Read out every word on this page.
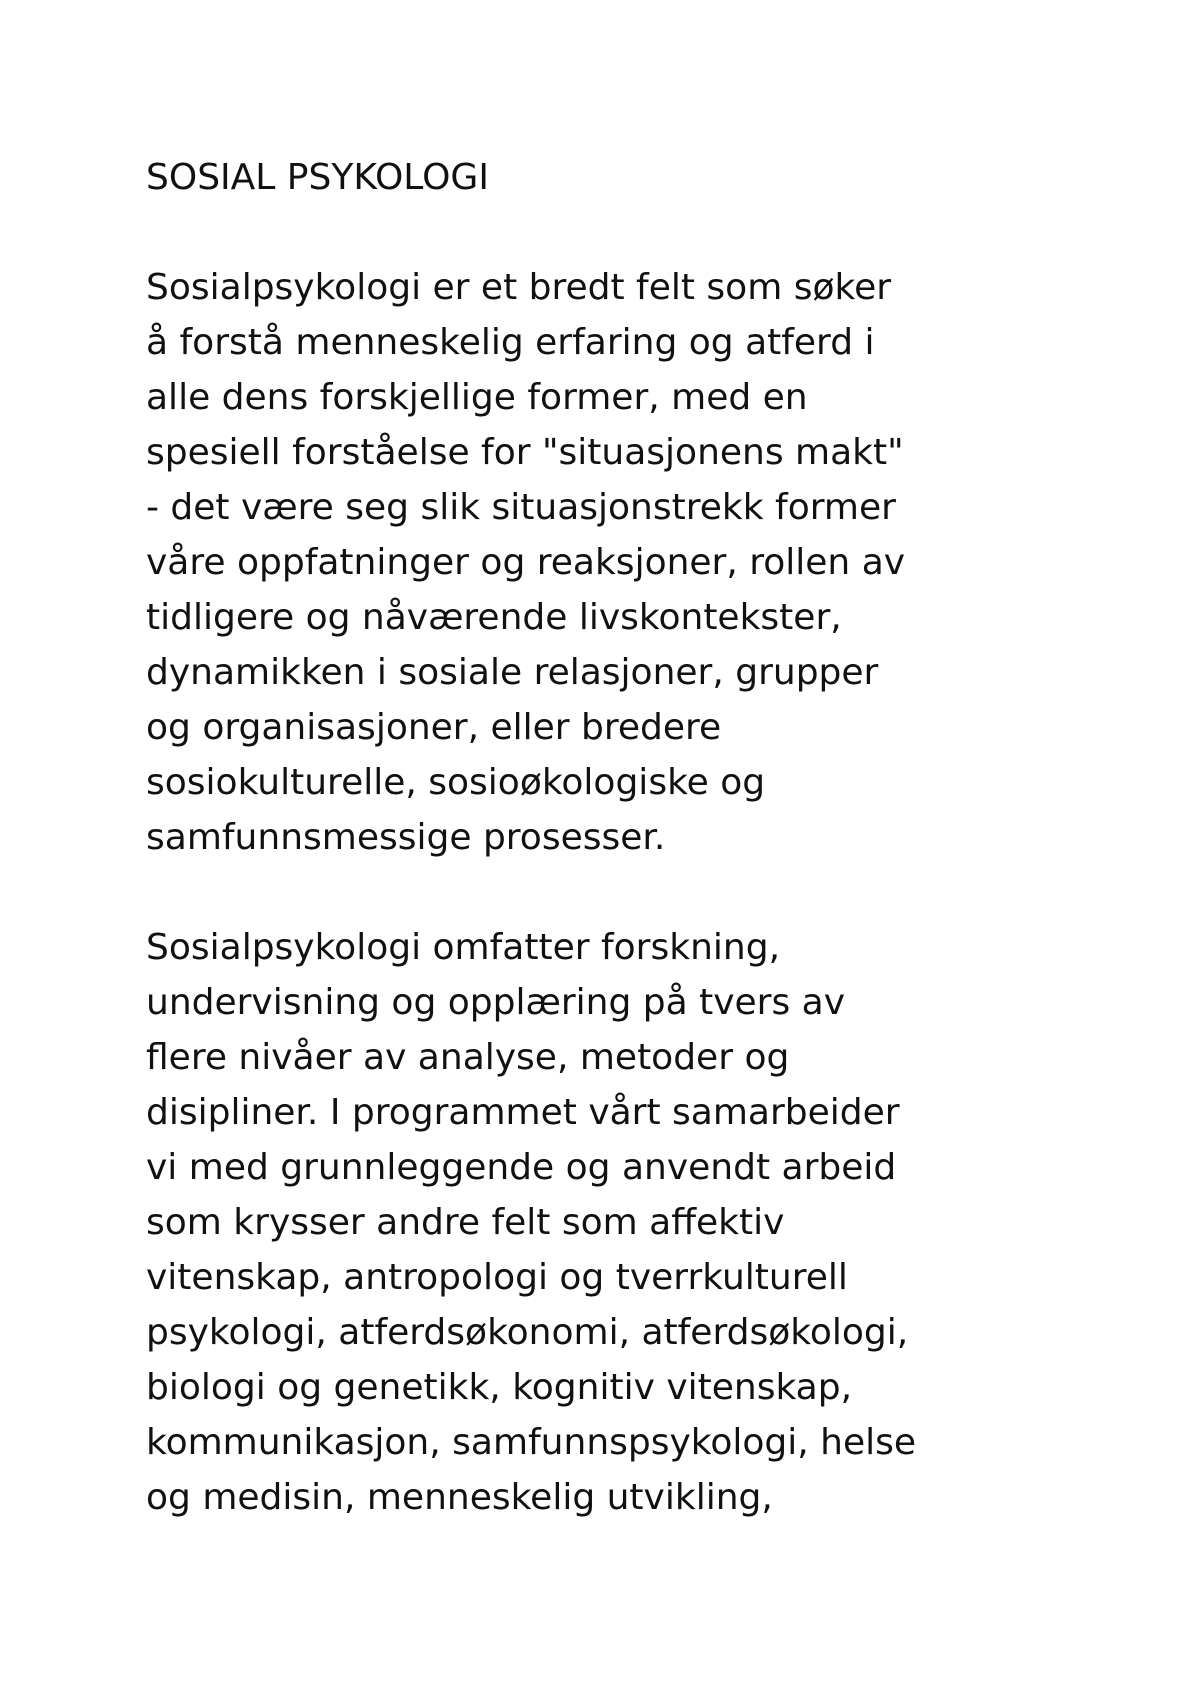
SOSIAL PSYKOLOGI

Sosialpsykologi er et bredt felt som søker
å forstå menneskelig erfaring og atferd i
alle dens forskjellige former, med en
spesiell forståelse for "situasjonens makt"
- det være seg slik situasjonstrekk former
våre oppfatninger og reaksjoner, rollen av
tidligere og nåværende livskontekster,
dynamikken i sosiale relasjoner, grupper
og organisasjoner, eller bredere
sosiokulturelle, sosioøkologiske og
samfunnsmessige prosesser.

Sosialpsykologi omfatter forskning,
undervisning og opplæring på tvers av
flere nivåer av analyse, metoder og
disipliner. I programmet vårt samarbeider
vi med grunnleggende og anvendt arbeid
som krysser andre felt som affektiv
vitenskap, antropologi og tverrkulturell
psykologi, atferdsøkonomi, atferdsøkologi,
biologi og genetikk, kognitiv vitenskap,
kommunikasjon, samfunnspsykologi, helse
og medisin, menneskelig utvikling,
